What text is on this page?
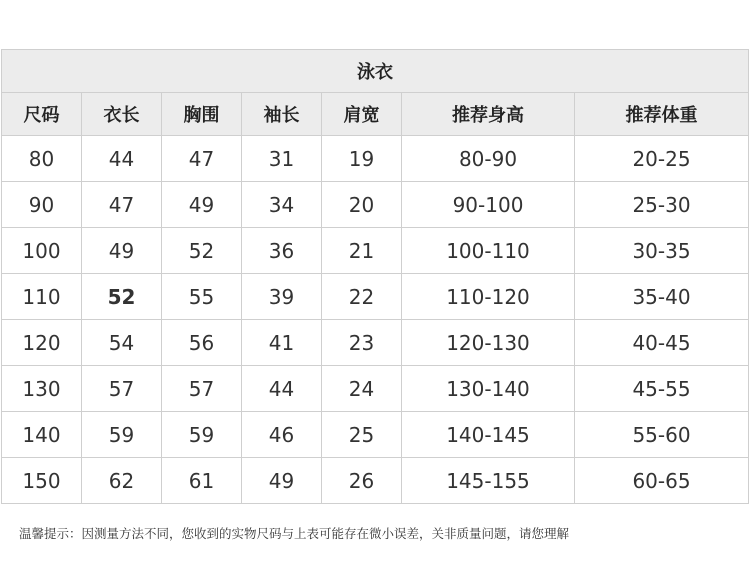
泳衣						
尺码	衣长	胸围	袖长	肩宽	推荐身高	推荐体重
80	44	47	31	19	80-90	20-25
90	47	49	34	20	90-100	25-30
100	49	52	36	21	100-110	30-35
110	52	55	39	22	110-120	35-40
120	54	56	41	23	120-130	40-45
130	57	57	44	24	130-140	45-55
140	59	59	46	25	140-145	55-60
150	62	61	49	26	145-155	60-65
温馨提示：因测量方法不同，您收到的实物尺码与上表可能存在微小误差，关非质量问题，请您理解
